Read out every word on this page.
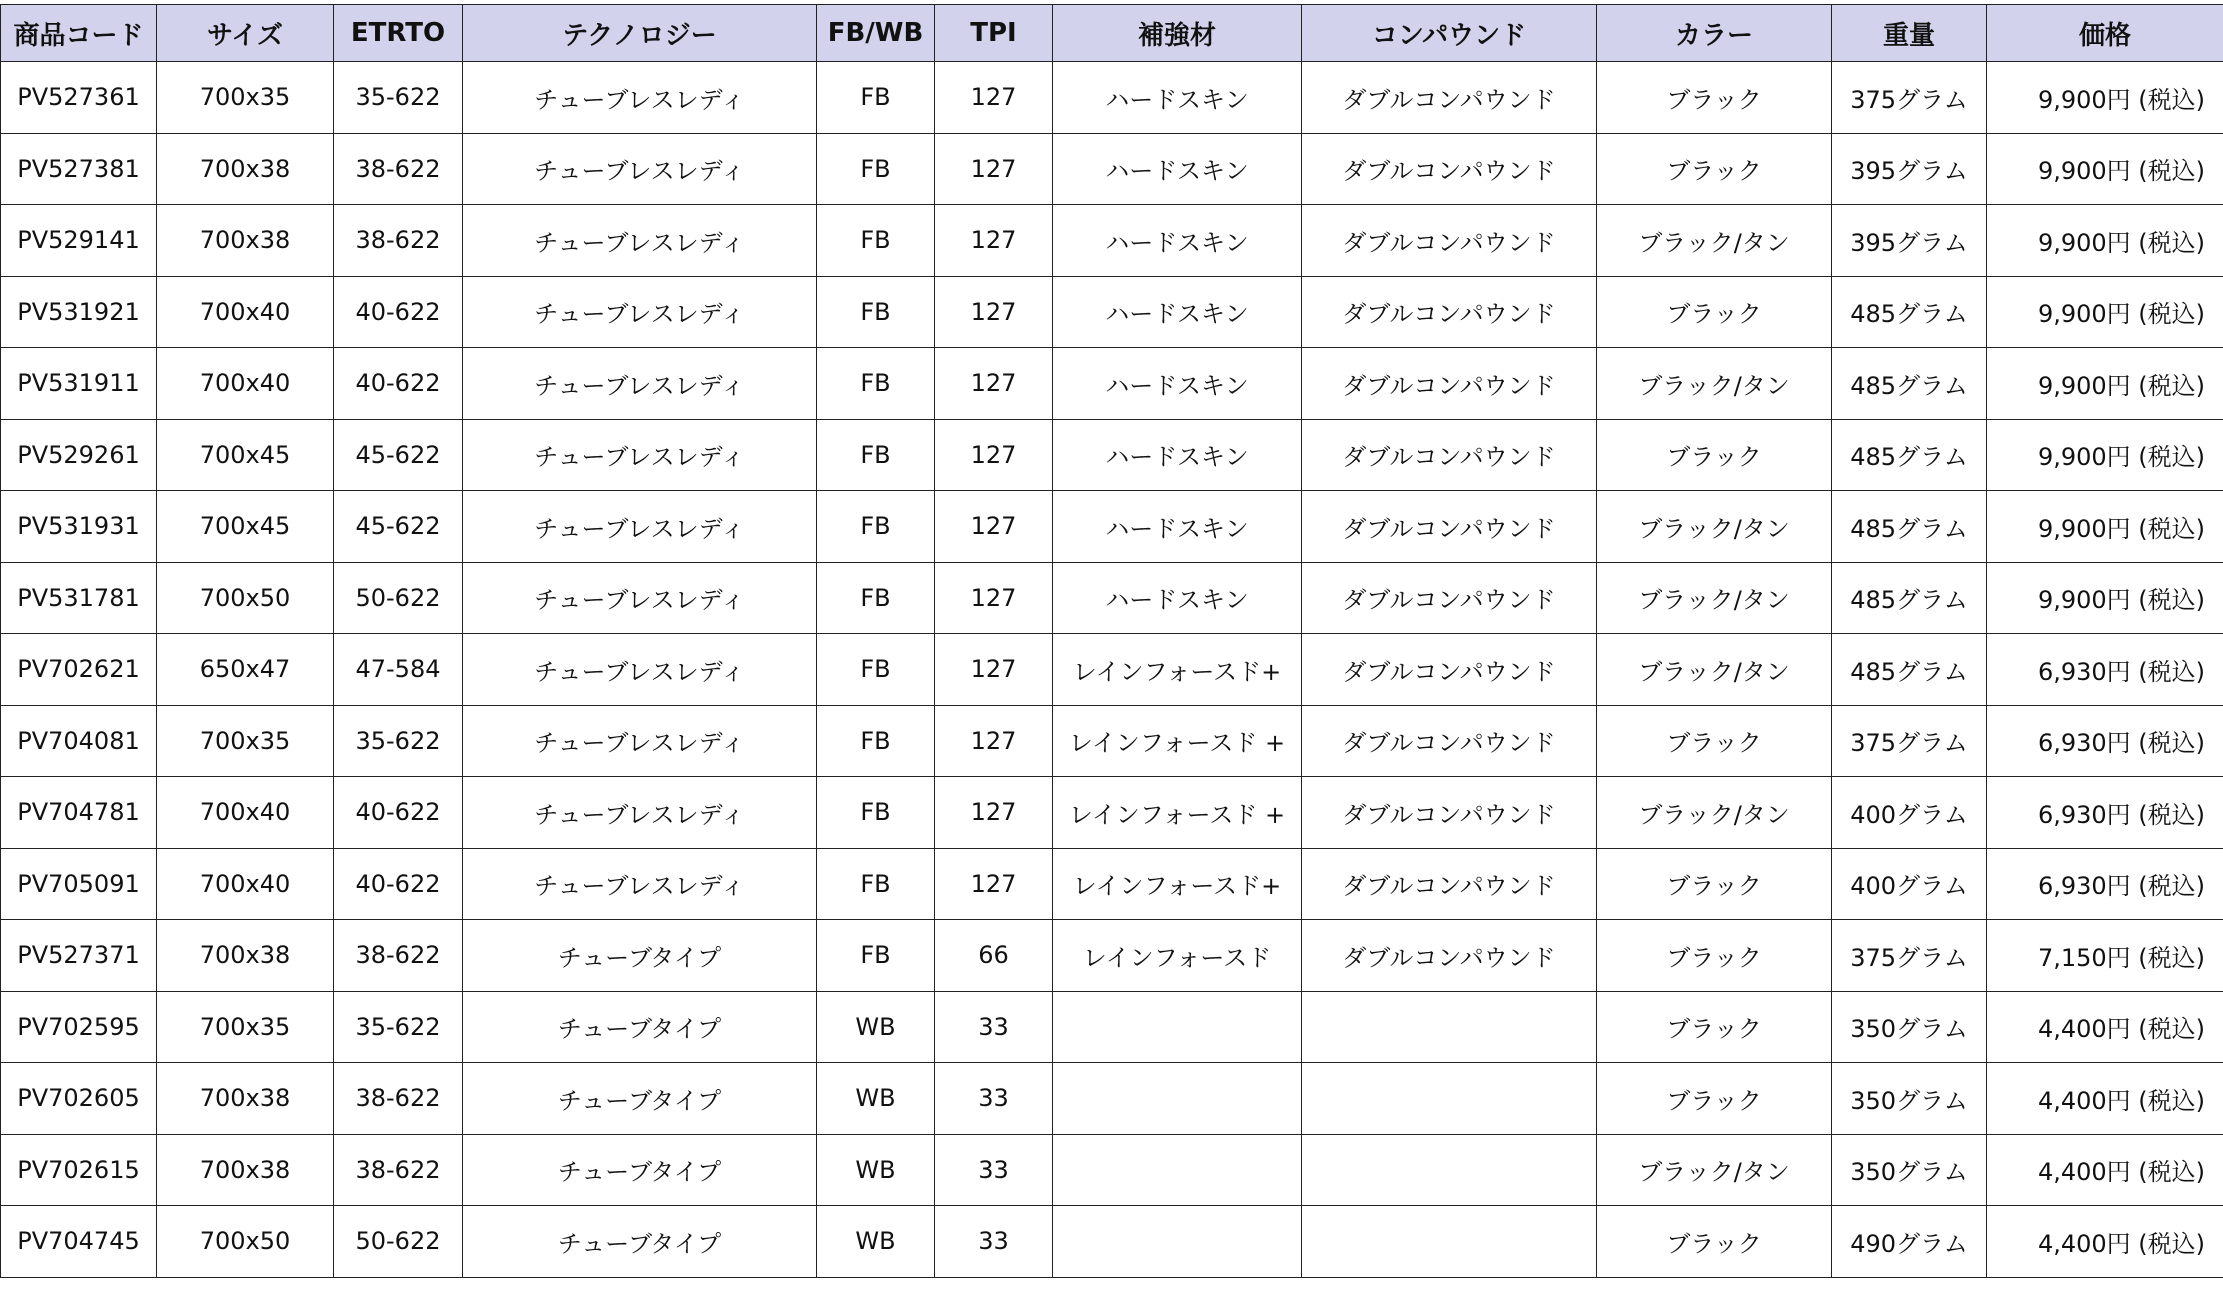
商品コード	サイズ	ETRTO	テクノロジー	FB/WB	TPI	補強材	コンパウンド	カラー	重量	価格
PV527361	700x35	35-622	チューブレスレディ	FB	127	ハードスキン	ダブルコンパウンド	ブラック	375グラム	9,900円 (税込)
PV527381	700x38	38-622	チューブレスレディ	FB	127	ハードスキン	ダブルコンパウンド	ブラック	395グラム	9,900円 (税込)
PV529141	700x38	38-622	チューブレスレディ	FB	127	ハードスキン	ダブルコンパウンド	ブラック/タン	395グラム	9,900円 (税込)
PV531921	700x40	40-622	チューブレスレディ	FB	127	ハードスキン	ダブルコンパウンド	ブラック	485グラム	9,900円 (税込)
PV531911	700x40	40-622	チューブレスレディ	FB	127	ハードスキン	ダブルコンパウンド	ブラック/タン	485グラム	9,900円 (税込)
PV529261	700x45	45-622	チューブレスレディ	FB	127	ハードスキン	ダブルコンパウンド	ブラック	485グラム	9,900円 (税込)
PV531931	700x45	45-622	チューブレスレディ	FB	127	ハードスキン	ダブルコンパウンド	ブラック/タン	485グラム	9,900円 (税込)
PV531781	700x50	50-622	チューブレスレディ	FB	127	ハードスキン	ダブルコンパウンド	ブラック/タン	485グラム	9,900円 (税込)
PV702621	650x47	47-584	チューブレスレディ	FB	127	レインフォースド+	ダブルコンパウンド	ブラック/タン	485グラム	6,930円 (税込)
PV704081	700x35	35-622	チューブレスレディ	FB	127	レインフォースド +	ダブルコンパウンド	ブラック	375グラム	6,930円 (税込)
PV704781	700x40	40-622	チューブレスレディ	FB	127	レインフォースド +	ダブルコンパウンド	ブラック/タン	400グラム	6,930円 (税込)
PV705091	700x40	40-622	チューブレスレディ	FB	127	レインフォースド+	ダブルコンパウンド	ブラック	400グラム	6,930円 (税込)
PV527371	700x38	38-622	チューブタイプ	FB	66	レインフォースド	ダブルコンパウンド	ブラック	375グラム	7,150円 (税込)
PV702595	700x35	35-622	チューブタイプ	WB	33			ブラック	350グラム	4,400円 (税込)
PV702605	700x38	38-622	チューブタイプ	WB	33			ブラック	350グラム	4,400円 (税込)
PV702615	700x38	38-622	チューブタイプ	WB	33			ブラック/タン	350グラム	4,400円 (税込)
PV704745	700x50	50-622	チューブタイプ	WB	33			ブラック	490グラム	4,400円 (税込)
